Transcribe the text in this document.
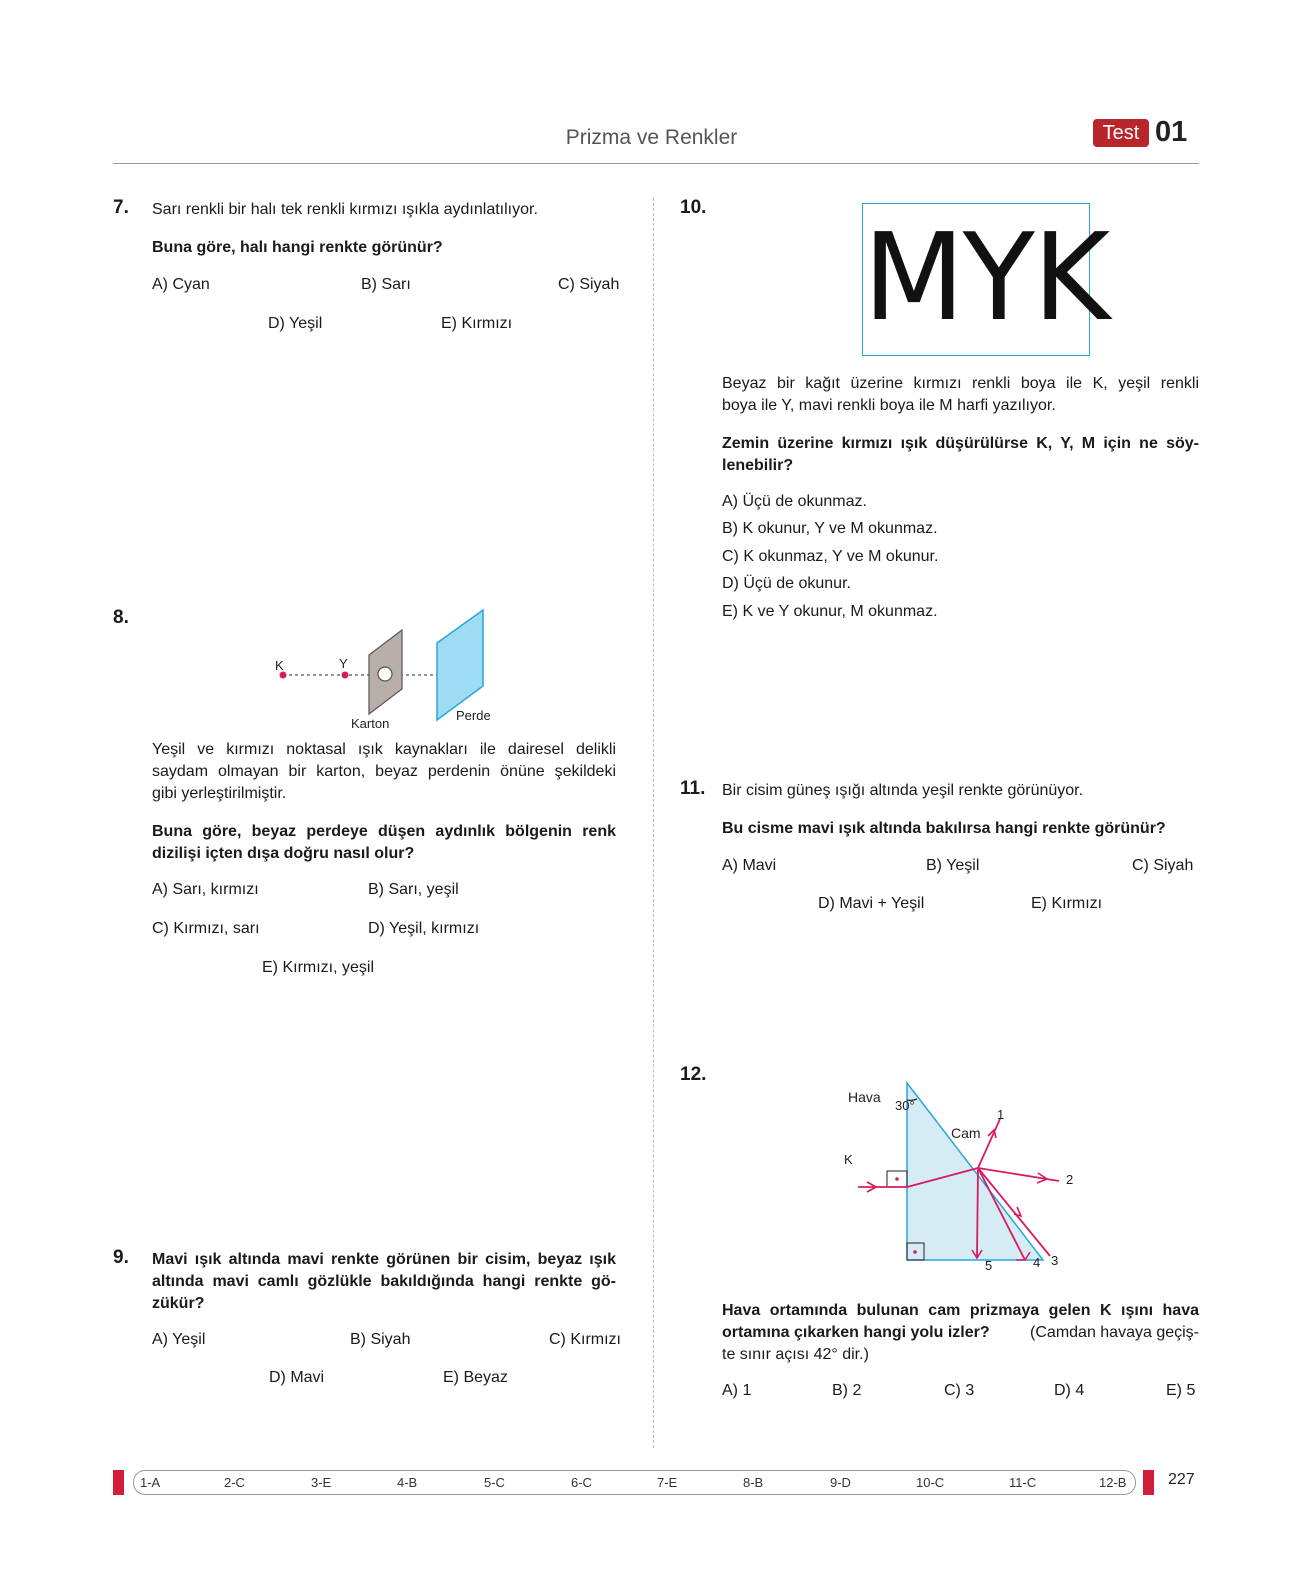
Prizma ve Renkler	Test 01
7. Sarı renkli bir halı tek renkli kırmızı ışıkla aydınlatılıyor.
Buna göre, halı hangi renkte görünür?
A) Cyan	B) Sarı	C) Siyah
D) Yeşil	E) Kırmızı
8.
K	Y
Karton
Perde
Yeşil ve kırmızı noktasal ışık kaynakları ile dairesel delikli
saydam olmayan bir karton, beyaz perdenin önüne şekildeki
gibi yerleştirilmiştir.
Buna göre, beyaz perdeye düşen aydınlık bölgenin renk
dizilişi içten dışa doğru nasıl olur?
A) Sarı, kırmızı	B) Sarı, yeşil
C) Kırmızı, sarı	D) Yeşil, kırmızı
E) Kırmızı, yeşil
9. Mavi ışık altında mavi renkte görünen bir cisim, beyaz ışık
altında mavi camlı gözlükle bakıldığında hangi renkte gö-
zükür?
A) Yeşil	B) Siyah	C) Kırmızı
D) Mavi	E) Beyaz
10. MYK
Beyaz bir kağıt üzerine kırmızı renkli boya ile K, yeşil renkli
boya ile Y, mavi renkli boya ile M harfi yazılıyor.
Zemin üzerine kırmızı ışık düşürülürse K, Y, M için ne söy-
lenebilir?
A) Üçü de okunmaz.
B) K okunur, Y ve M okunmaz.
C) K okunmaz, Y ve M okunur.
D) Üçü de okunur.
E) K ve Y okunur, M okunmaz.
11. Bir cisim güneş ışığı altında yeşil renkte görünüyor.
Bu cisme mavi ışık altında bakılırsa hangi renkte görünür?
A) Mavi	B) Yeşil	C) Siyah
D) Mavi + Yeşil	E) Kırmızı
12.
Hava
30°
Cam
K
1
2
3
4
5
Hava ortamında bulunan cam prizmaya gelen K ışını hava
ortamına çıkarken hangi yolu izler?	(Camdan havaya geçiş-
te sınır açısı 42° dir.)
A) 1	B) 2	C) 3	D) 4	E) 5
1-A	2-C	3-E	4-B	5-C	6-C	7-E	8-B	9-D	10-C	11-C	12-B	227
